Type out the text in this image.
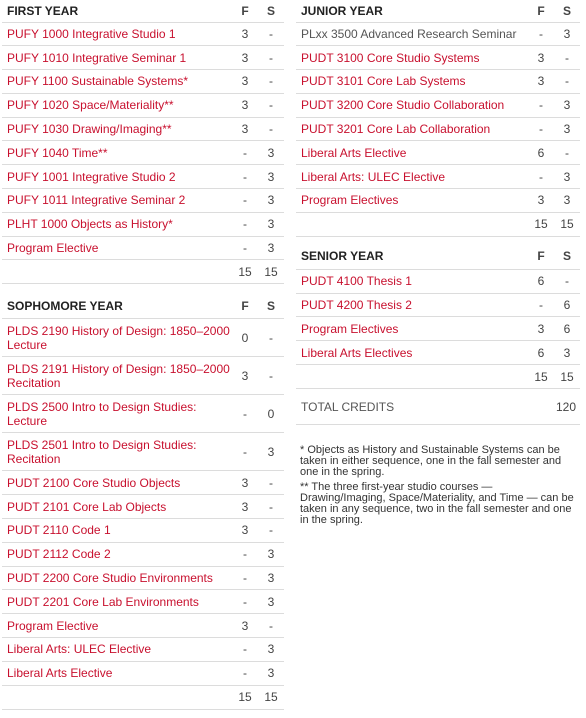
FIRST YEAR	F	S
PUFY 1000 Integrative Studio 1	3	-
PUFY 1010 Integrative Seminar 1	3	-
PUFY 1100 Sustainable Systems*	3	-
PUFY 1020 Space/Materiality**	3	-
PUFY 1030 Drawing/Imaging**	3	-
PUFY 1040 Time**	-	3
PUFY 1001 Integrative Studio 2	-	3
PUFY 1011 Integrative Seminar 2	-	3
PLHT 1000 Objects as History*	-	3
Program Elective	-	3
	15	15

SOPHOMORE YEAR	F	S
PLDS 2190 History of Design: 1850–2000 Lecture	0	-
PLDS 2191 History of Design: 1850–2000 Recitation	3	-
PLDS 2500 Intro to Design Studies: Lecture	-	0
PLDS 2501 Intro to Design Studies: Recitation	-	3
PUDT 2100 Core Studio Objects	3	-
PUDT 2101 Core Lab Objects	3	-
PUDT 2110 Code 1	3	-
PUDT 2112 Code 2	-	3
PUDT 2200 Core Studio Environments	-	3
PUDT 2201 Core Lab Environments	-	3
Program Elective	3	-
Liberal Arts: ULEC Elective	-	3
Liberal Arts Elective	-	3
	15	15
JUNIOR YEAR	F	S
PLxx 3500 Advanced Research Seminar	-	3
PUDT 3100 Core Studio Systems	3	-
PUDT 3101 Core Lab Systems	3	-
PUDT 3200 Core Studio Collaboration	-	3
PUDT 3201 Core Lab Collaboration	-	3
Liberal Arts Elective	6	-
Liberal Arts: ULEC Elective	-	3
Program Electives	3	3
	15	15

SENIOR YEAR	F	S
PUDT 4100 Thesis 1	6	-
PUDT 4200 Thesis 2	-	6
Program Electives	3	6
Liberal Arts Electives	6	3
	15	15
TOTAL CREDITS		120

* Objects as History and Sustainable Systems can be taken in either sequence, one in the fall semester and one in the spring.

** The three first-year studio courses — Drawing/Imaging, Space/Materiality, and Time — can be taken in any sequence, two in the fall semester and one in the spring.
